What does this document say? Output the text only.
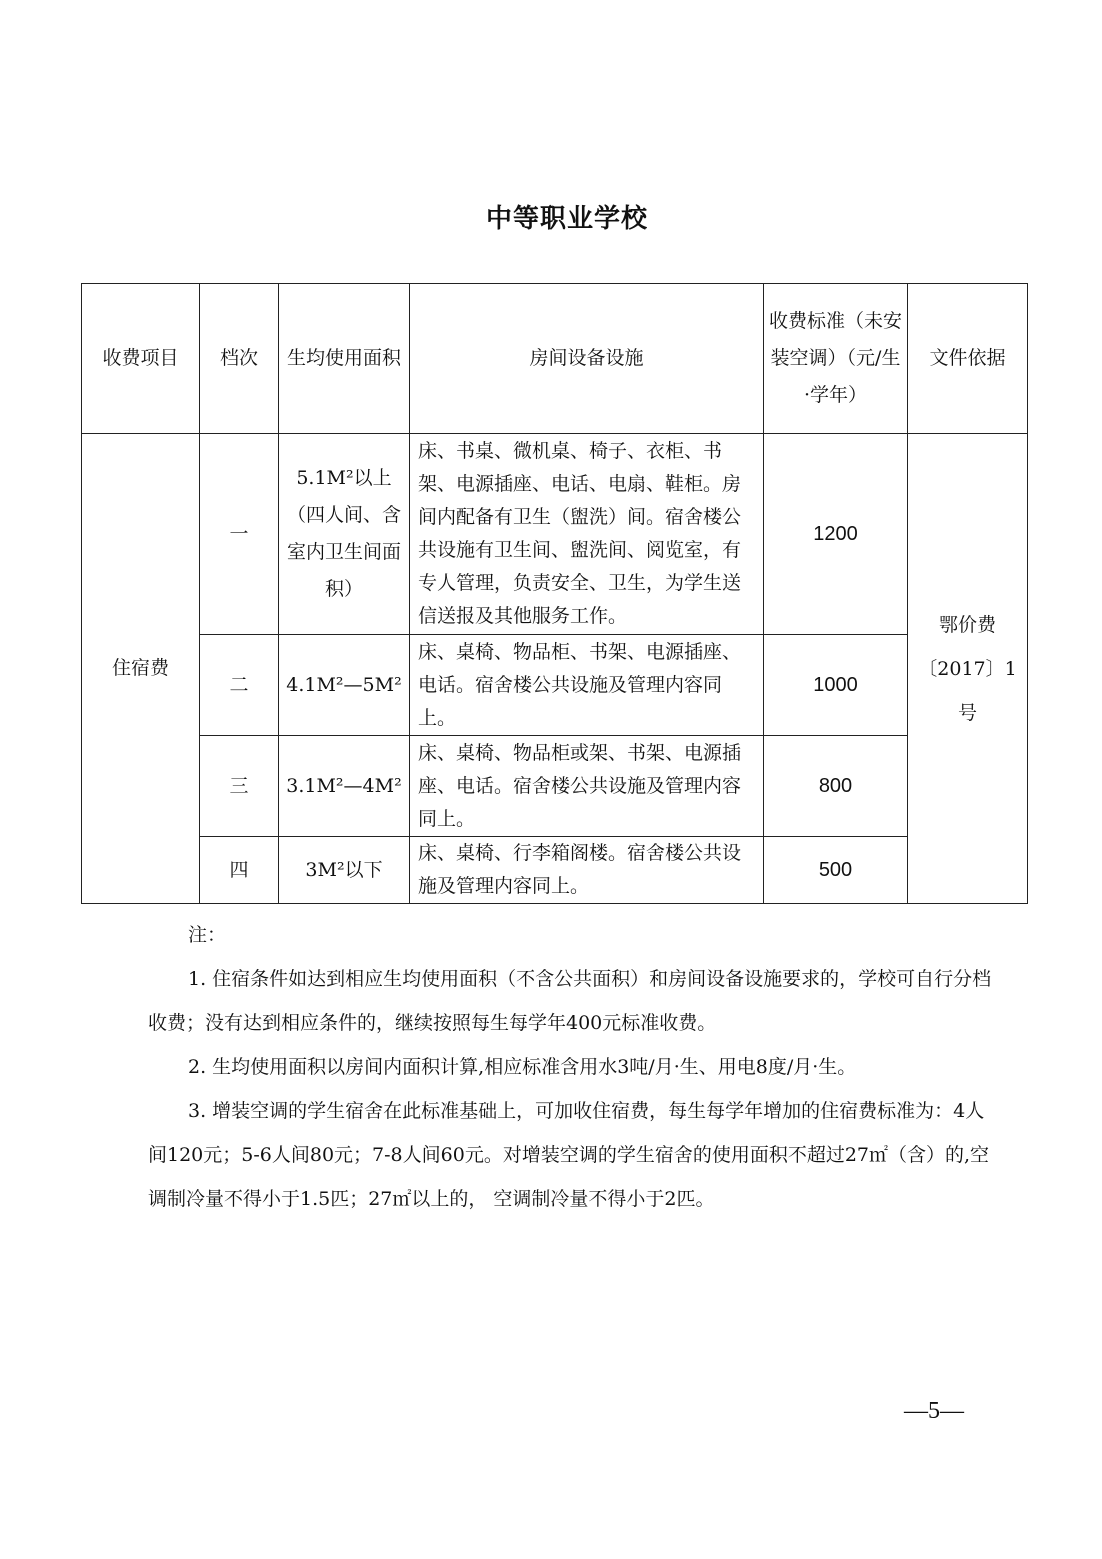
中等职业学校
收费项目	档次	生均使用面积	房间设备设施	收费标准（未安装空调）（元/生·学年）	文件依据
住宿费	一	5.1M²以上（四人间、含室内卫生间面积）	床、书桌、微机桌、椅子、衣柜、书架、电源插座、电话、电扇、鞋柜。房间内配备有卫生（盥洗）间。宿舍楼公共设施有卫生间、盥洗间、阅览室，有专人管理，负责安全、卫生，为学生送信送报及其他服务工作。	1200	鄂价费〔2017〕1号
	二	4.1M²—5M²	床、桌椅、物品柜、书架、电源插座、电话。宿舍楼公共设施及管理内容同上。	1000	
	三	3.1M²—4M²	床、桌椅、物品柜或架、书架、电源插座、电话。宿舍楼公共设施及管理内容同上。	800	
	四	3M²以下	床、桌椅、行李箱阁楼。宿舍楼公共设施及管理内容同上。	500	

注：

1. 住宿条件如达到相应生均使用面积（不含公共面积）和房间设备设施要求的，学校可自行分档收费；没有达到相应条件的，继续按照每生每学年400元标准收费。

2. 生均使用面积以房间内面积计算,相应标准含用水3吨/月·生、用电8度/月·生。

3. 增装空调的学生宿舍在此标准基础上，可加收住宿费，每生每学年增加的住宿费标准为：4人间120元；5-6人间80元；7-8人间60元。对增装空调的学生宿舍的使用面积不超过27㎡（含）的,空调制冷量不得小于1.5匹；27㎡以上的， 空调制冷量不得小于2匹。

—5—
